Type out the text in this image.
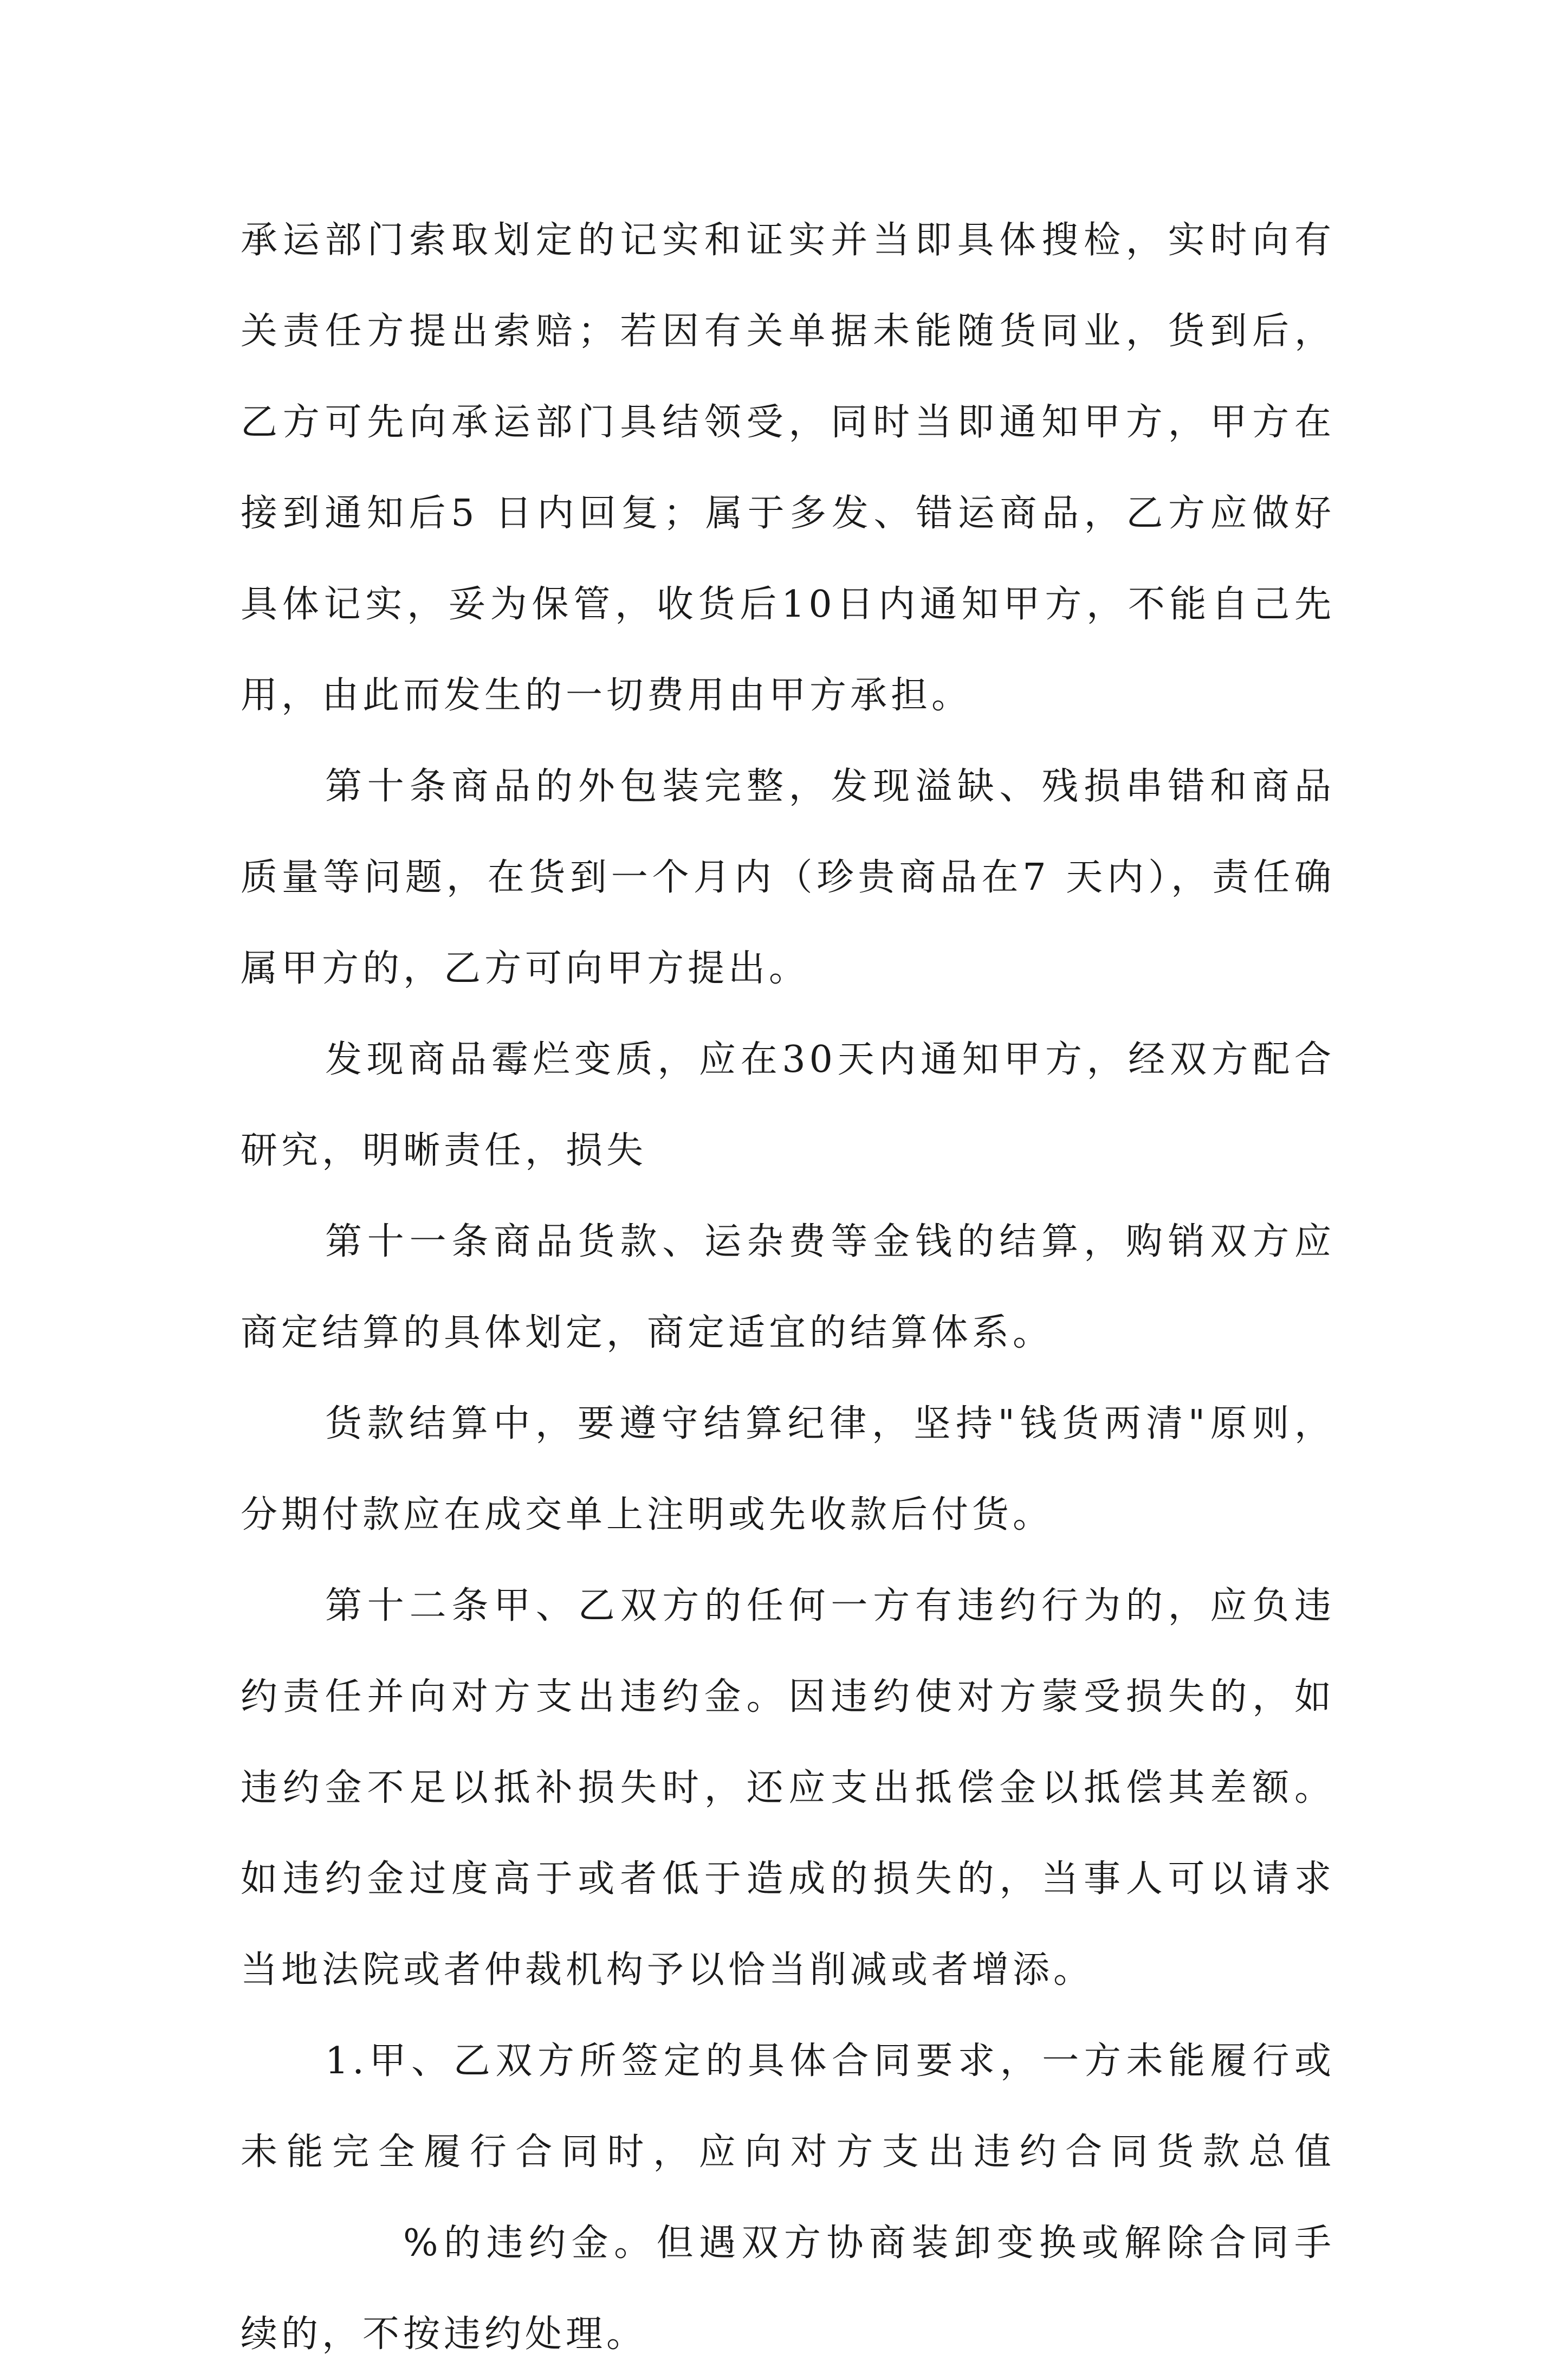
承运部门索取划定的记实和证实并当即具体搜检，实时向有关责任方提出索赔；若因有关单据未能随货同业，货到后，乙方可先向承运部门具结领受，同时当即通知甲方，甲方在接到通知后5 日内回复；属于多发、错运商品，乙方应做好具体记实，妥为保管，收货后10日内通知甲方，不能自己先用，由此而发生的一切费用由甲方承担。

第十条商品的外包装完整，发现溢缺、残损串错和商品质量等问题，在货到一个月内（珍贵商品在7 天内），责任确属甲方的，乙方可向甲方提出。

发现商品霉烂变质，应在30天内通知甲方，经双方配合研究，明晰责任，损失

第十一条商品货款、运杂费等金钱的结算，购销双方应商定结算的具体划定，商定适宜的结算体系。

货款结算中，要遵守结算纪律，坚持"钱货两清"原则，分期付款应在成交单上注明或先收款后付货。

第十二条甲、乙双方的任何一方有违约行为的，应负违约责任并向对方支出违约金。因违约使对方蒙受损失的，如违约金不足以抵补损失时，还应支出抵偿金以抵偿其差额。如违约金过度高于或者低于造成的损失的，当事人可以请求当地法院或者仲裁机构予以恰当削减或者增添。

1.甲、乙双方所签定的具体合同要求，一方未能履行或未能完全履行合同时，应向对方支出违约合同货款总值%的违约金。但遇双方协商装卸变换或解除合同手续的，不按违约处理。
